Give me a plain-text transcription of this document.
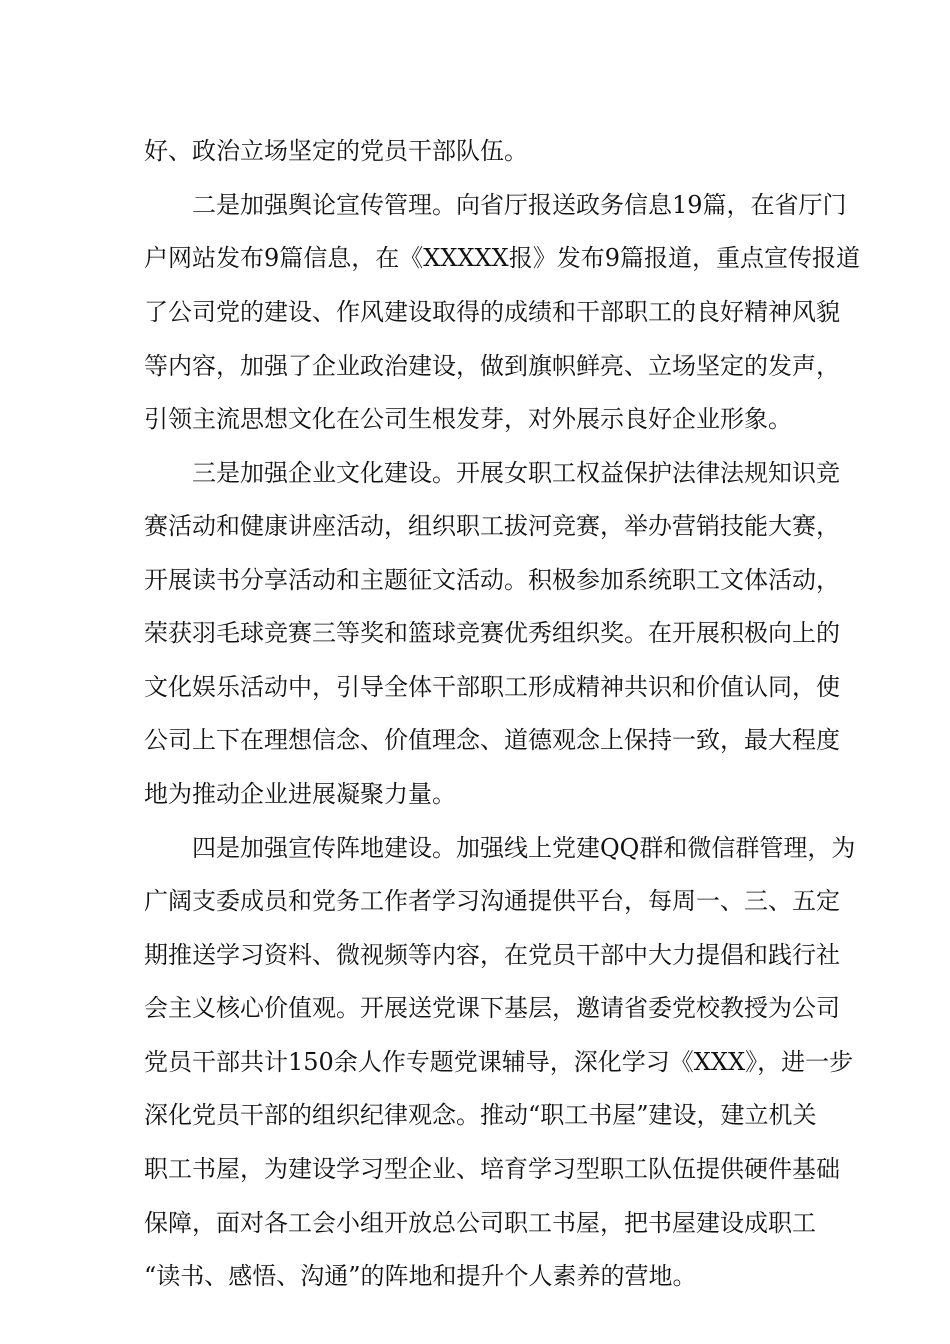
好、政治立场坚定的党员干部队伍。
二是加强舆论宣传管理。向省厅报送政务信息19篇，在省厅门
户网站发布9篇信息，在《XXXXX报》发布9篇报道，重点宣传报道
了公司党的建设、作风建设取得的成绩和干部职工的良好精神风貌
等内容，加强了企业政治建设，做到旗帜鲜亮、立场坚定的发声，
引领主流思想文化在公司生根发芽，对外展示良好企业形象。
三是加强企业文化建设。开展女职工权益保护法律法规知识竞
赛活动和健康讲座活动，组织职工拔河竞赛，举办营销技能大赛，
开展读书分享活动和主题征文活动。积极参加系统职工文体活动，
荣获羽毛球竞赛三等奖和篮球竞赛优秀组织奖。在开展积极向上的
文化娱乐活动中，引导全体干部职工形成精神共识和价值认同，使
公司上下在理想信念、价值理念、道德观念上保持一致，最大程度
地为推动企业进展凝聚力量。
四是加强宣传阵地建设。加强线上党建QQ群和微信群管理，为
广阔支委成员和党务工作者学习沟通提供平台，每周一、三、五定
期推送学习资料、微视频等内容，在党员干部中大力提倡和践行社
会主义核心价值观。开展送党课下基层，邀请省委党校教授为公司
党员干部共计150余人作专题党课辅导，深化学习《XXX》，进一步
深化党员干部的组织纪律观念。推动“职工书屋”建设，建立机关
职工书屋，为建设学习型企业、培育学习型职工队伍提供硬件基础
保障，面对各工会小组开放总公司职工书屋，把书屋建设成职工
“读书、感悟、沟通”的阵地和提升个人素养的营地。
